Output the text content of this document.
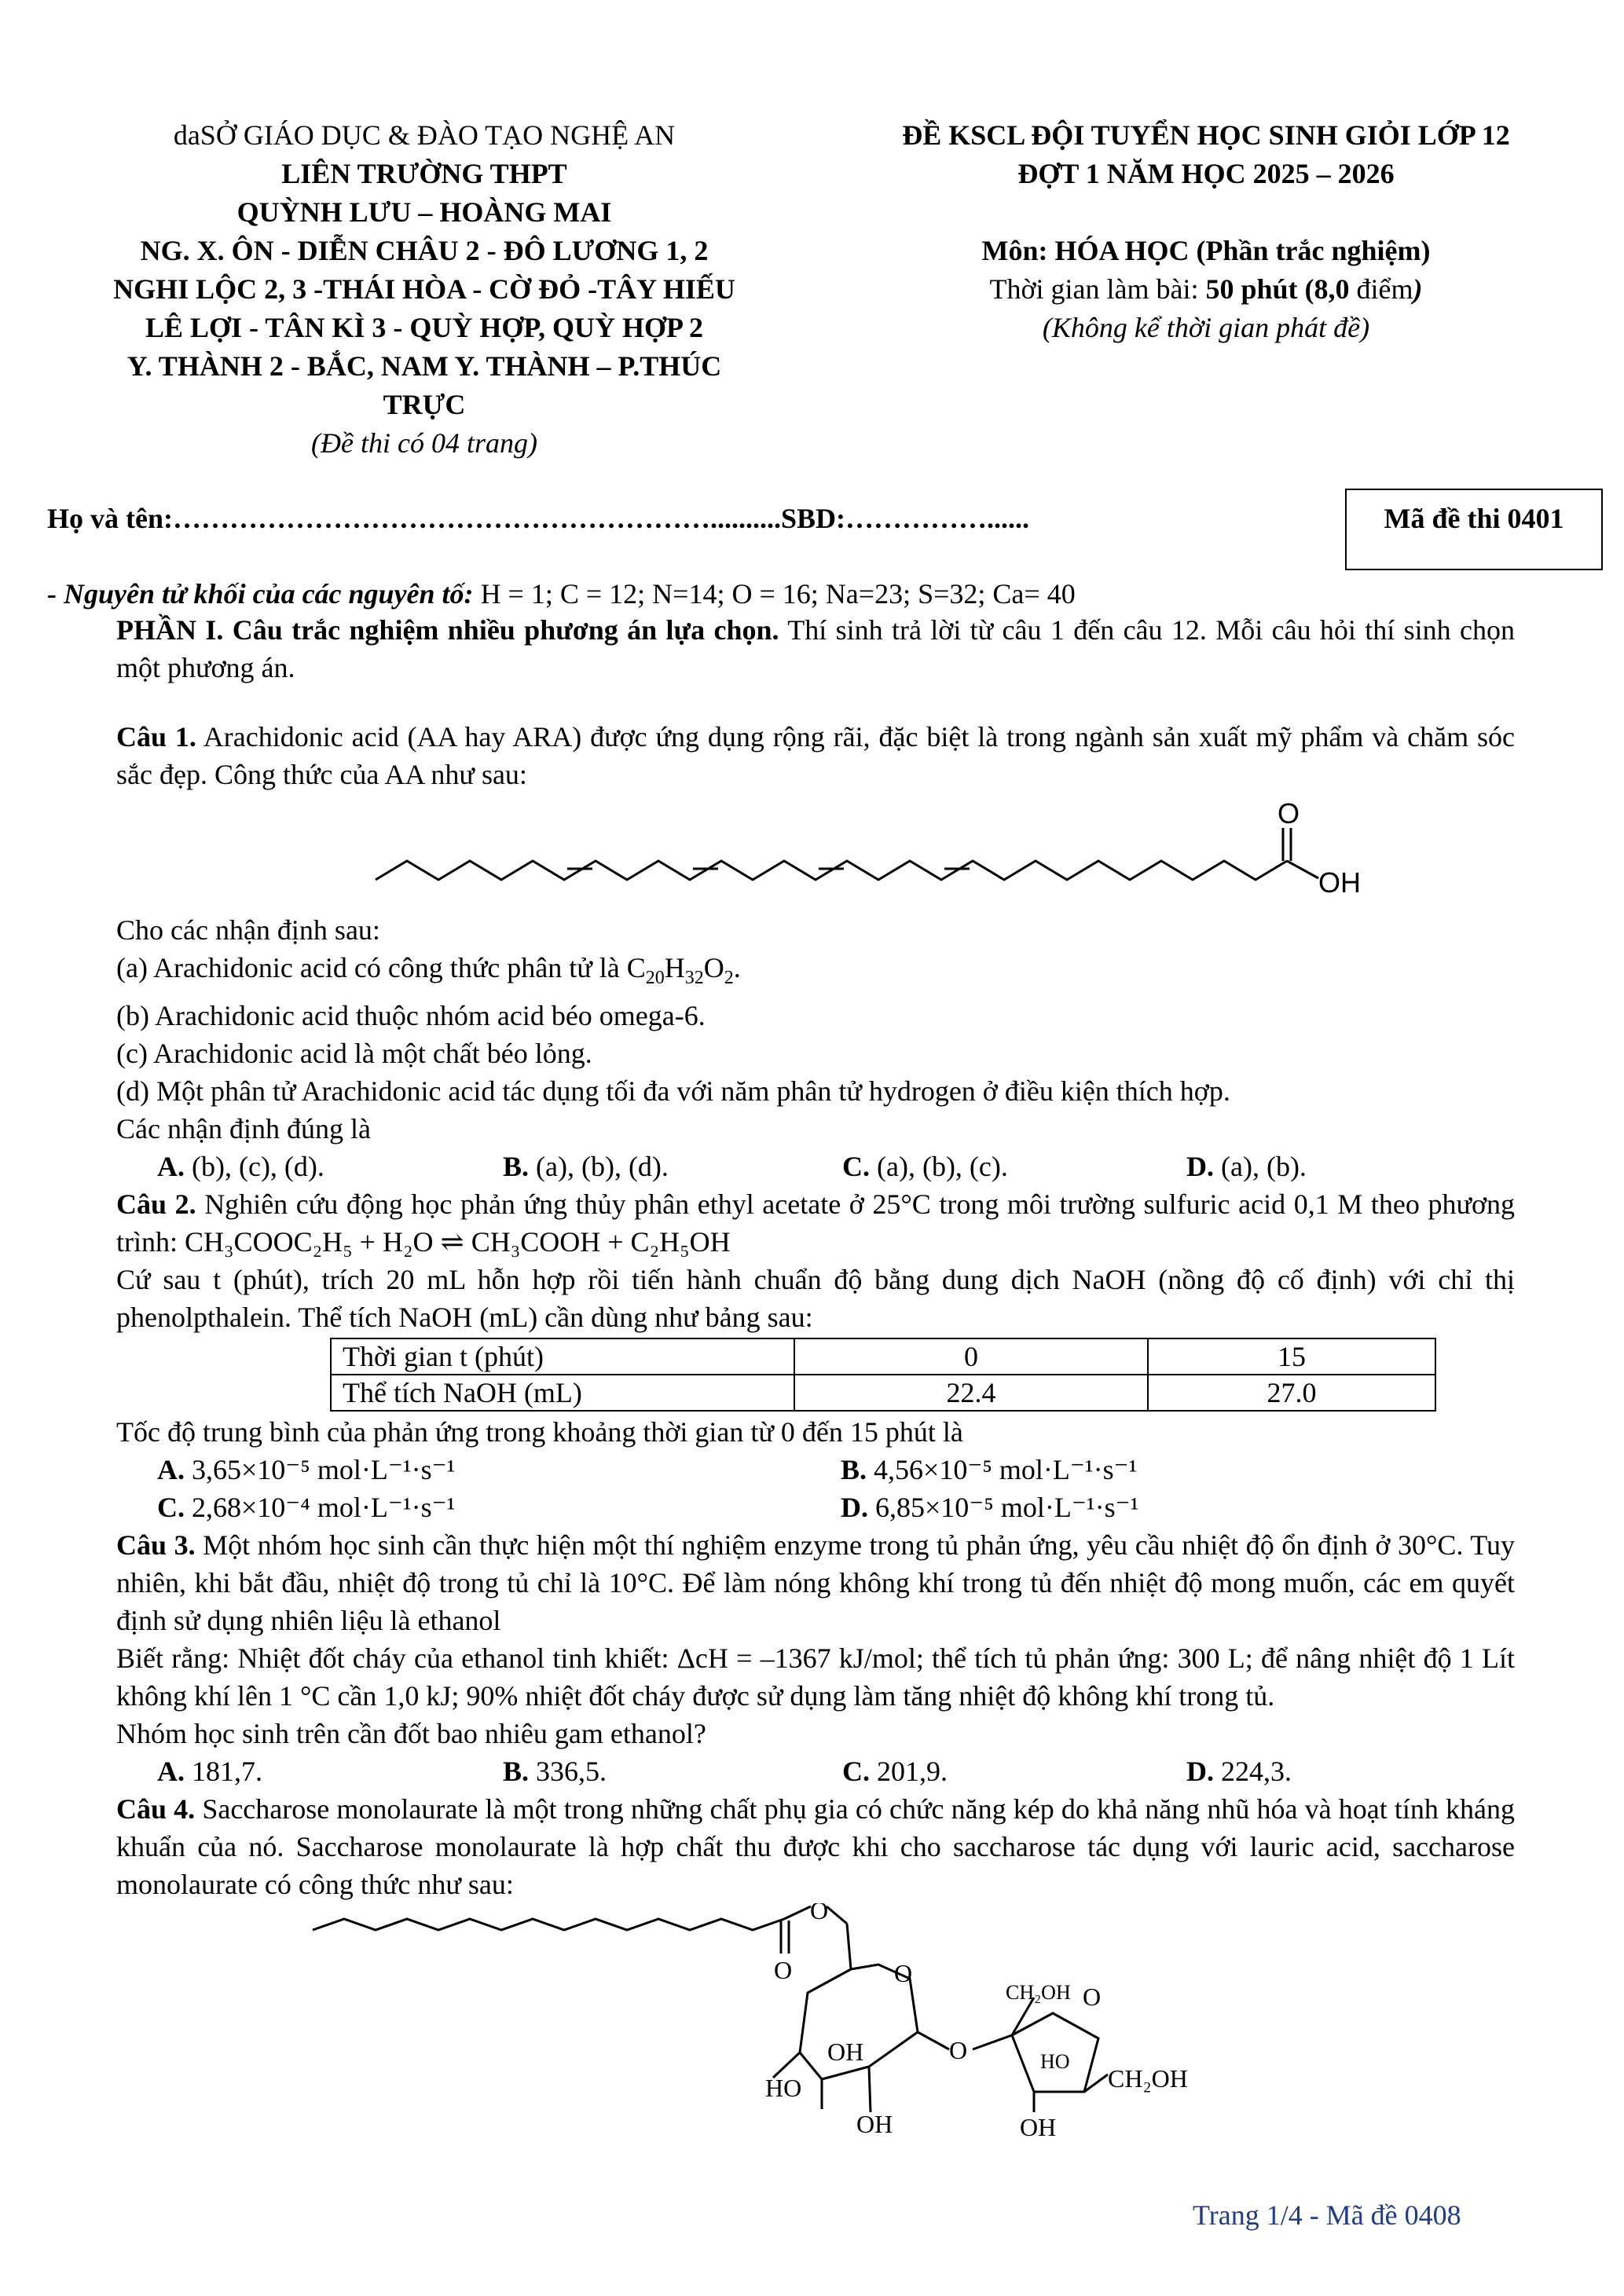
daSỞ GIÁO DỤC & ĐÀO TẠO NGHỆ AN
LIÊN TRƯỜNG THPT
QUỲNH LƯU – HOÀNG MAI
NG. X. ÔN - DIỄN CHÂU 2 - ĐÔ LƯƠNG 1, 2
NGHI LỘC 2, 3 -THÁI HÒA - CỜ ĐỎ -TÂY HIẾU
LÊ LỢI - TÂN KÌ 3 - QUỲ HỢP, QUỲ HỢP 2
Y. THÀNH 2 - BẮC, NAM Y. THÀNH – P.THÚC
TRỰC
(Đề thi có 04 trang)
ĐỀ KSCL ĐỘI TUYỂN HỌC SINH GIỎI LỚP 12
ĐỢT 1 NĂM HỌC 2025 – 2026
Môn: HÓA HỌC (Phần trắc nghiệm)
Thời gian làm bài: 50 phút (8,0 điểm)
(Không kể thời gian phát đề)
Họ và tên:…………………………………………………..........SBD:……………......	Mã đề thi 0401
- Nguyên tử khối của các nguyên tố: H = 1; C = 12; N=14; O = 16; Na=23; S=32; Ca= 40

PHẦN I. Câu trắc nghiệm nhiều phương án lựa chọn. Thí sinh trả lời từ câu 1 đến câu 12. Mỗi câu hỏi thí sinh chọn một phương án.

Câu 1. Arachidonic acid (AA hay ARA) được ứng dụng rộng rãi, đặc biệt là trong ngành sản xuất mỹ phẩm và chăm sóc sắc đẹp. Công thức của AA như sau:

O
OH

Cho các nhận định sau:

(a) Arachidonic acid có công thức phân tử là $C_{20}H_{32}O_2$.

(b) Arachidonic acid thuộc nhóm acid béo omega-6.

(c) Arachidonic acid là một chất béo lỏng.

(d) Một phân tử Arachidonic acid tác dụng tối đa với năm phân tử hydrogen ở điều kiện thích hợp.

Các nhận định đúng là

A. (b), (c), (d).	B. (a), (b), (d).	C. (a), (b), (c).	D. (a), (b).

Câu 2. Nghiên cứu động học phản ứng thủy phân ethyl acetate ở 25°C trong môi trường sulfuric acid 0,1 M theo phương trình: CH₃COOC₂H₅ + H₂O ⇌ CH₃COOH + C₂H₅OH

Cứ sau t (phút), trích 20 mL hỗn hợp rồi tiến hành chuẩn độ bằng dung dịch NaOH (nồng độ cố định) với chỉ thị phenolpthalein. Thể tích NaOH (mL) cần dùng như bảng sau:

Thời gian t (phút)	0	15
Thể tích NaOH (mL)	22.4	27.0

Tốc độ trung bình của phản ứng trong khoảng thời gian từ 0 đến 15 phút là

A. 3,65×10⁻⁵ mol·L⁻¹·s⁻¹	B. 4,56×10⁻⁵ mol·L⁻¹·s⁻¹
C. 2,68×10⁻⁴ mol·L⁻¹·s⁻¹	D. 6,85×10⁻⁵ mol·L⁻¹·s⁻¹

Câu 3. Một nhóm học sinh cần thực hiện một thí nghiệm enzyme trong tủ phản ứng, yêu cầu nhiệt độ ổn định ở 30°C. Tuy nhiên, khi bắt đầu, nhiệt độ trong tủ chỉ là 10°C. Để làm nóng không khí trong tủ đến nhiệt độ mong muốn, các em quyết định sử dụng nhiên liệu là ethanol

Biết rằng: Nhiệt đốt cháy của ethanol tinh khiết: ΔcH = –1367 kJ/mol; thể tích tủ phản ứng: 300 L; để nâng nhiệt độ 1 Lít không khí lên 1 °C cần 1,0 kJ; 90% nhiệt đốt cháy được sử dụng làm tăng nhiệt độ không khí trong tủ.

Nhóm học sinh trên cần đốt bao nhiêu gam ethanol?

A. 181,7.	B. 336,5.	C. 201,9.	D. 224,3.

Câu 4. Saccharose monolaurate là một trong những chất phụ gia có chức năng kép do khả năng nhũ hóa và hoạt tính kháng khuẩn của nó. Saccharose monolaurate là hợp chất thu được khi cho saccharose tác dụng với lauric acid, saccharose monolaurate có công thức như sau:

O
O	O
OH
HO
OH
O
CH₂OH O
HO
CH₂OH
OH
Trang 1/4 - Mã đề 0408
